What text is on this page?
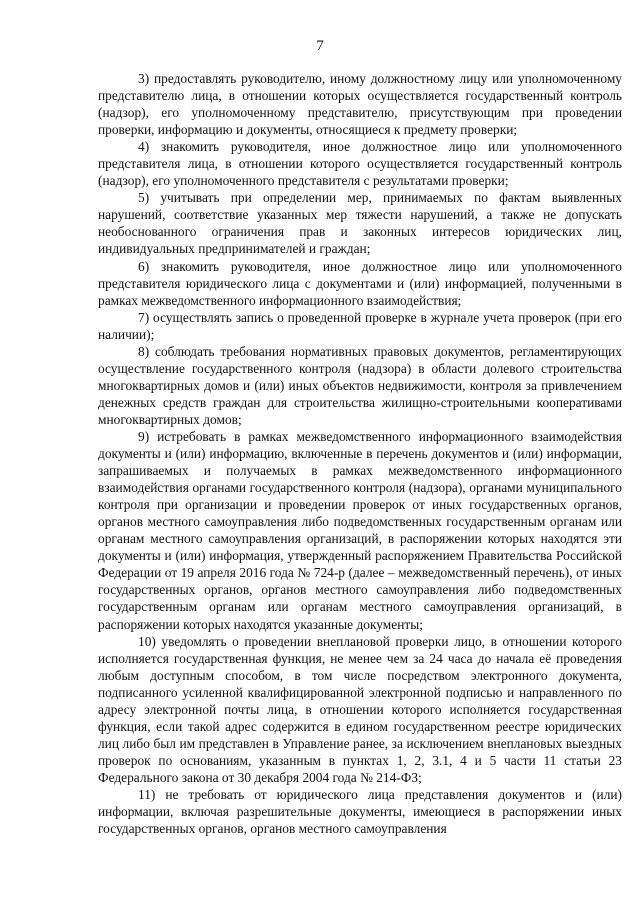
7

3) предоставлять руководителю, иному должностному лицу или уполномоченному представителю лица, в отношении которых осуществляется государственный контроль (надзор), его уполномоченному представителю, присутствующим при проведении проверки, информацию и документы, относящиеся к предмету проверки;

4) знакомить руководителя, иное должностное лицо или уполномоченного представителя лица, в отношении которого осуществляется государственный контроль (надзор), его уполномоченного представителя с результатами проверки;

5) учитывать при определении мер, принимаемых по фактам выявленных нарушений, соответствие указанных мер тяжести нарушений, а также не допускать необоснованного ограничения прав и законных интересов юридических лиц, индивидуальных предпринимателей и граждан;

6) знакомить руководителя, иное должностное лицо или уполномоченного представителя юридического лица с документами и (или) информацией, полученными в рамках межведомственного информационного взаимодействия;

7) осуществлять запись о проведенной проверке в журнале учета проверок (при его наличии);

8) соблюдать требования нормативных правовых документов, регламентирующих осуществление государственного контроля (надзора) в области долевого строительства многоквартирных домов и (или) иных объектов недвижимости, контроля за привлечением денежных средств граждан для строительства жилищно-строительными кооперативами многоквартирных домов;

9) истребовать в рамках межведомственного информационного взаимодействия документы и (или) информацию, включенные в перечень документов и (или) информации, запрашиваемых и получаемых в рамках межведомственного информационного взаимодействия органами государственного контроля (надзора), органами муниципального контроля при организации и проведении проверок от иных государственных органов, органов местного самоуправления либо подведомственных государственным органам или органам местного самоуправления организаций, в распоряжении которых находятся эти документы и (или) информация, утвержденный распоряжением Правительства Российской Федерации от 19 апреля 2016 года № 724-р (далее – межведомственный перечень), от иных государственных органов, органов местного самоуправления либо подведомственных государственным органам или органам местного самоуправления организаций, в распоряжении которых находятся указанные документы;

10) уведомлять о проведении внеплановой проверки лицо, в отношении которого исполняется государственная функция, не менее чем за 24 часа до начала её проведения любым доступным способом, в том числе посредством электронного документа, подписанного усиленной квалифицированной электронной подписью и направленного по адресу электронной почты лица, в отношении которого исполняется государственная функция, если такой адрес содержится в едином государственном реестре юридических лиц либо был им представлен в Управление ранее, за исключением внеплановых выездных проверок по основаниям, указанным в пунктах 1, 2, 3.1, 4 и 5 части 11 статьи 23 Федерального закона от 30 декабря 2004 года № 214-ФЗ;

11) не требовать от юридического лица представления документов и (или) информации, включая разрешительные документы, имеющиеся в распоряжении иных государственных органов, органов местного самоуправления
